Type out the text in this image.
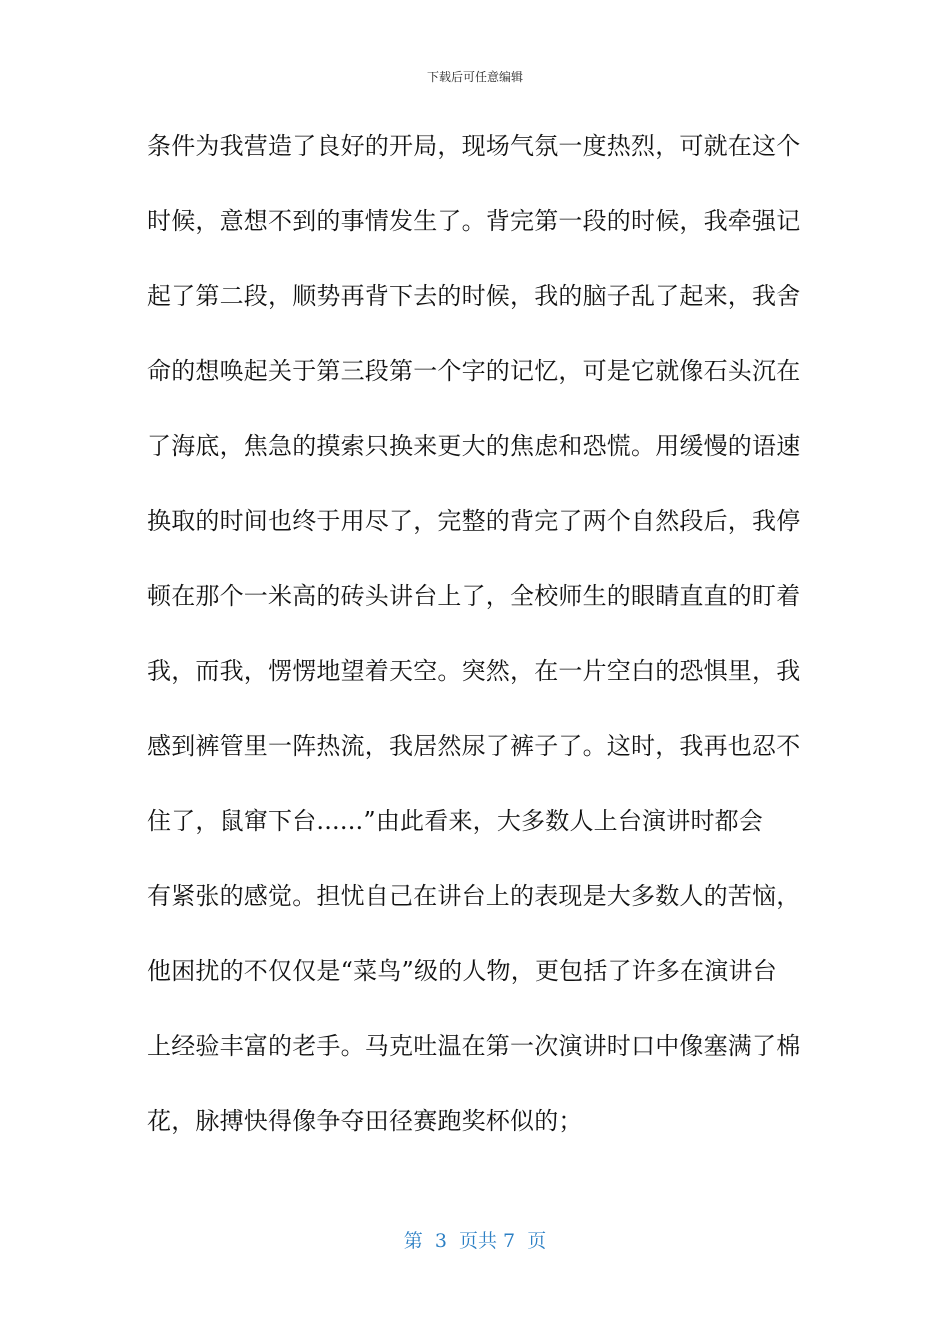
下载后可任意编辑
条件为我营造了良好的开局，现场气氛一度热烈，可就在这个
时候，意想不到的事情发生了。背完第一段的时候，我牵强记
起了第二段，顺势再背下去的时候，我的脑子乱了起来，我舍
命的想唤起关于第三段第一个字的记忆，可是它就像石头沉在
了海底，焦急的摸索只换来更大的焦虑和恐慌。用缓慢的语速
换取的时间也终于用尽了，完整的背完了两个自然段后，我停
顿在那个一米高的砖头讲台上了，全校师生的眼睛直直的盯着
我，而我，愣愣地望着天空。突然，在一片空白的恐惧里，我
感到裤管里一阵热流，我居然尿了裤子了。这时，我再也忍不
住了，鼠窜下台......”由此看来，大多数人上台演讲时都会
有紧张的感觉。担忧自己在讲台上的表现是大多数人的苦恼，
他困扰的不仅仅是“菜鸟”级的人物，更包括了许多在演讲台
上经验丰富的老手。马克吐温在第一次演讲时口中像塞满了棉
花，脉搏快得像争夺田径赛跑奖杯似的；
第  3  页共 7  页
